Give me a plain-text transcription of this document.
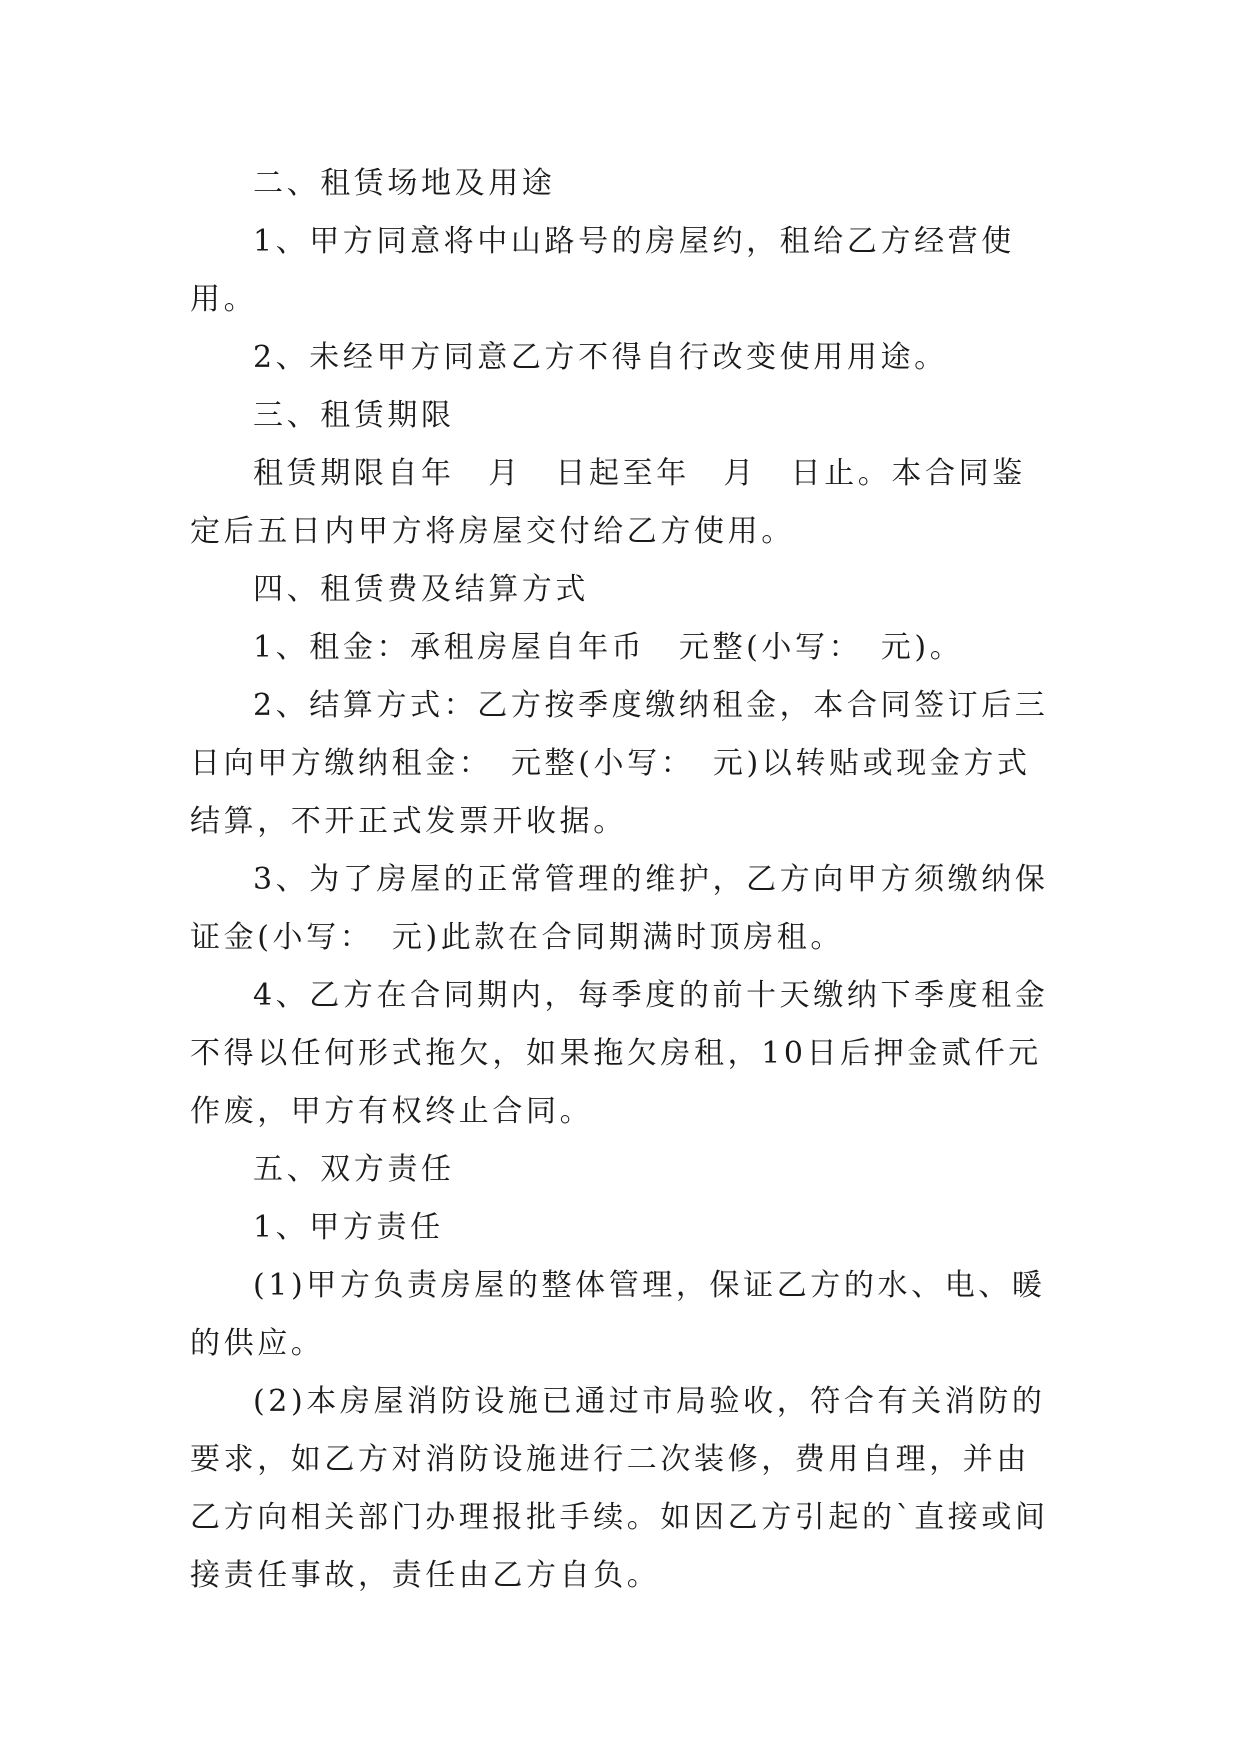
二、租赁场地及用途

1、甲方同意将中山路号的房屋约，租给乙方经营使用。

2、未经甲方同意乙方不得自行改变使用用途。

三、租赁期限

租赁期限自年　月　日起至年　月　日止。本合同鉴定后五日内甲方将房屋交付给乙方使用。

四、租赁费及结算方式

1、租金：承租房屋自年币　元整(小写：　元)。

2、结算方式：乙方按季度缴纳租金，本合同签订后三日向甲方缴纳租金：　元整(小写：　元)以转贴或现金方式结算，不开正式发票开收据。

3、为了房屋的正常管理的维护，乙方向甲方须缴纳保证金(小写：　元)此款在合同期满时顶房租。

4、乙方在合同期内，每季度的前十天缴纳下季度租金不得以任何形式拖欠，如果拖欠房租，10日后押金贰仟元作废，甲方有权终止合同。

五、双方责任

1、甲方责任

(1)甲方负责房屋的整体管理，保证乙方的水、电、暖的供应。

(2)本房屋消防设施已通过市局验收，符合有关消防的要求，如乙方对消防设施进行二次装修，费用自理，并由乙方向相关部门办理报批手续。如因乙方引起的`直接或间接责任事故，责任由乙方自负。
